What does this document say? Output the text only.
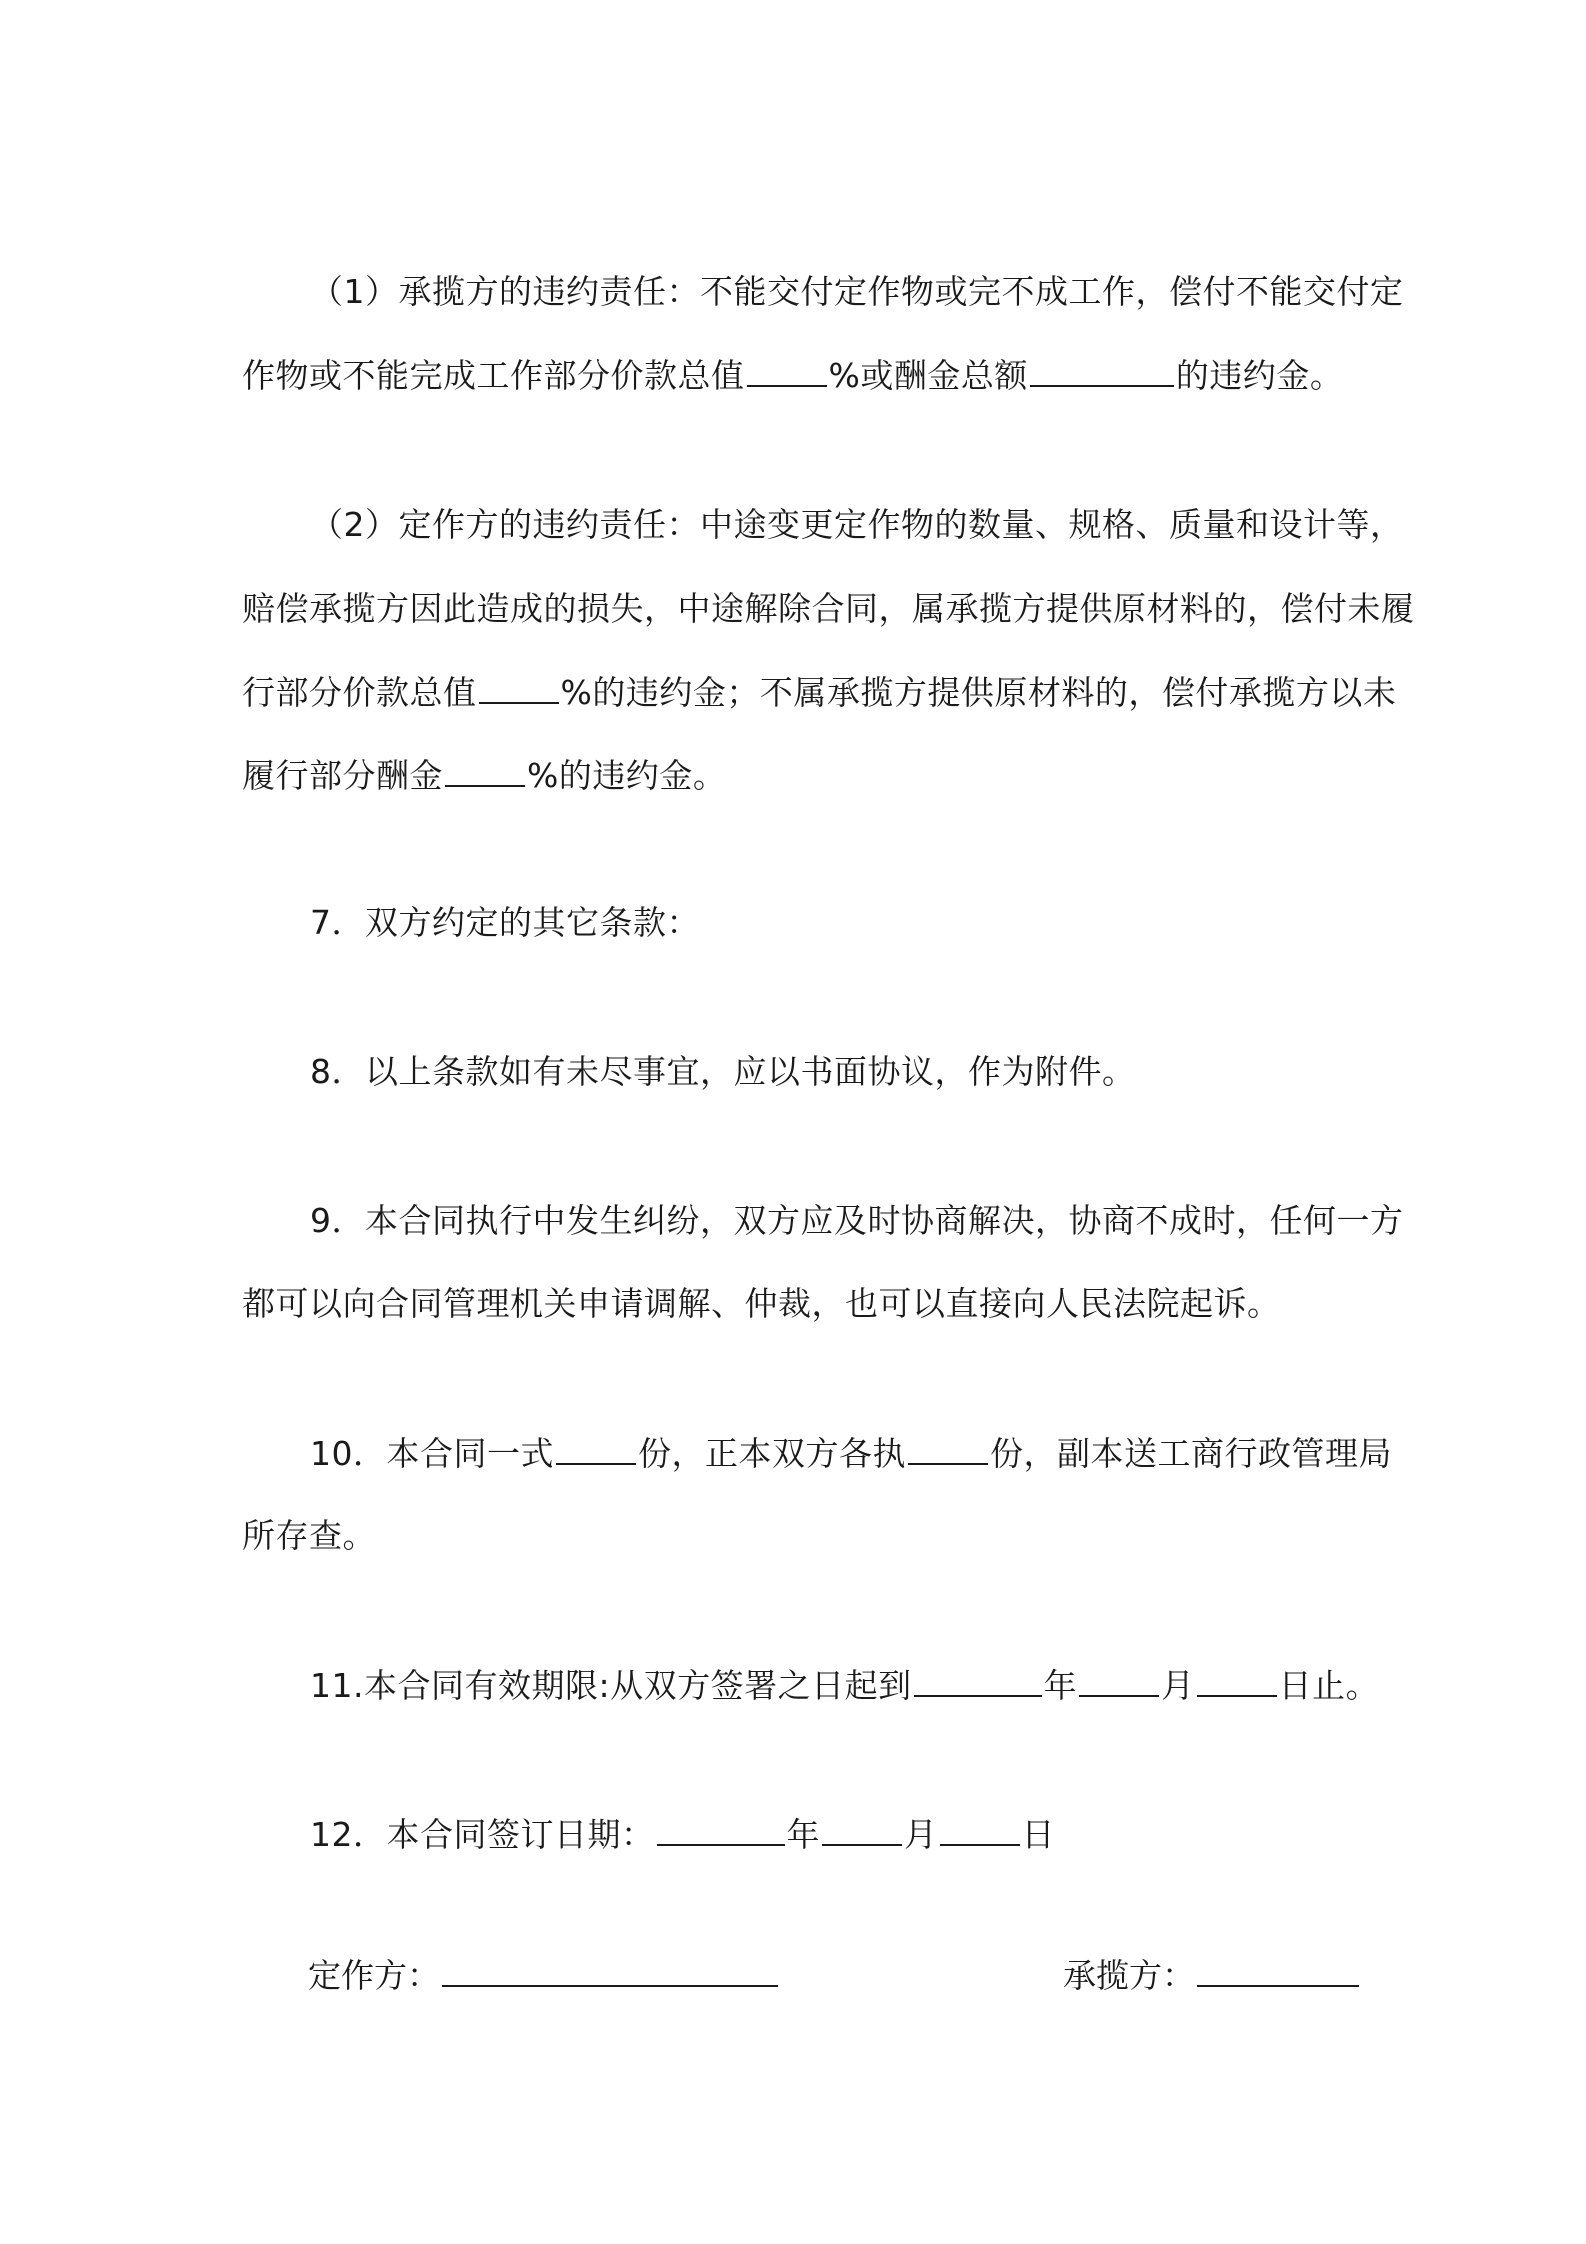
（1）承揽方的违约责任：不能交付定作物或完不成工作，偿付不能交付定
作物或不能完成工作部分价款总值	%或酬金总额	的违约金。
（2）定作方的违约责任：中途变更定作物的数量、规格、质量和设计等，
赔偿承揽方因此造成的损失，中途解除合同，属承揽方提供原材料的，偿付未履
行部分价款总值	%的违约金；不属承揽方提供原材料的，偿付承揽方以未
履行部分酬金	%的违约金。
7．双方约定的其它条款：
8．以上条款如有未尽事宜，应以书面协议，作为附件。
9．本合同执行中发生纠纷，双方应及时协商解决，协商不成时，任何一方
都可以向合同管理机关申请调解、仲裁，也可以直接向人民法院起诉。
10．本合同一式	份，正本双方各执	份，副本送工商行政管理局
所存查。
11.本合同有效期限:从双方签署之日起到	年	月	日止。
12．本合同签订日期：	年	月	日
定作方：	承揽方：
